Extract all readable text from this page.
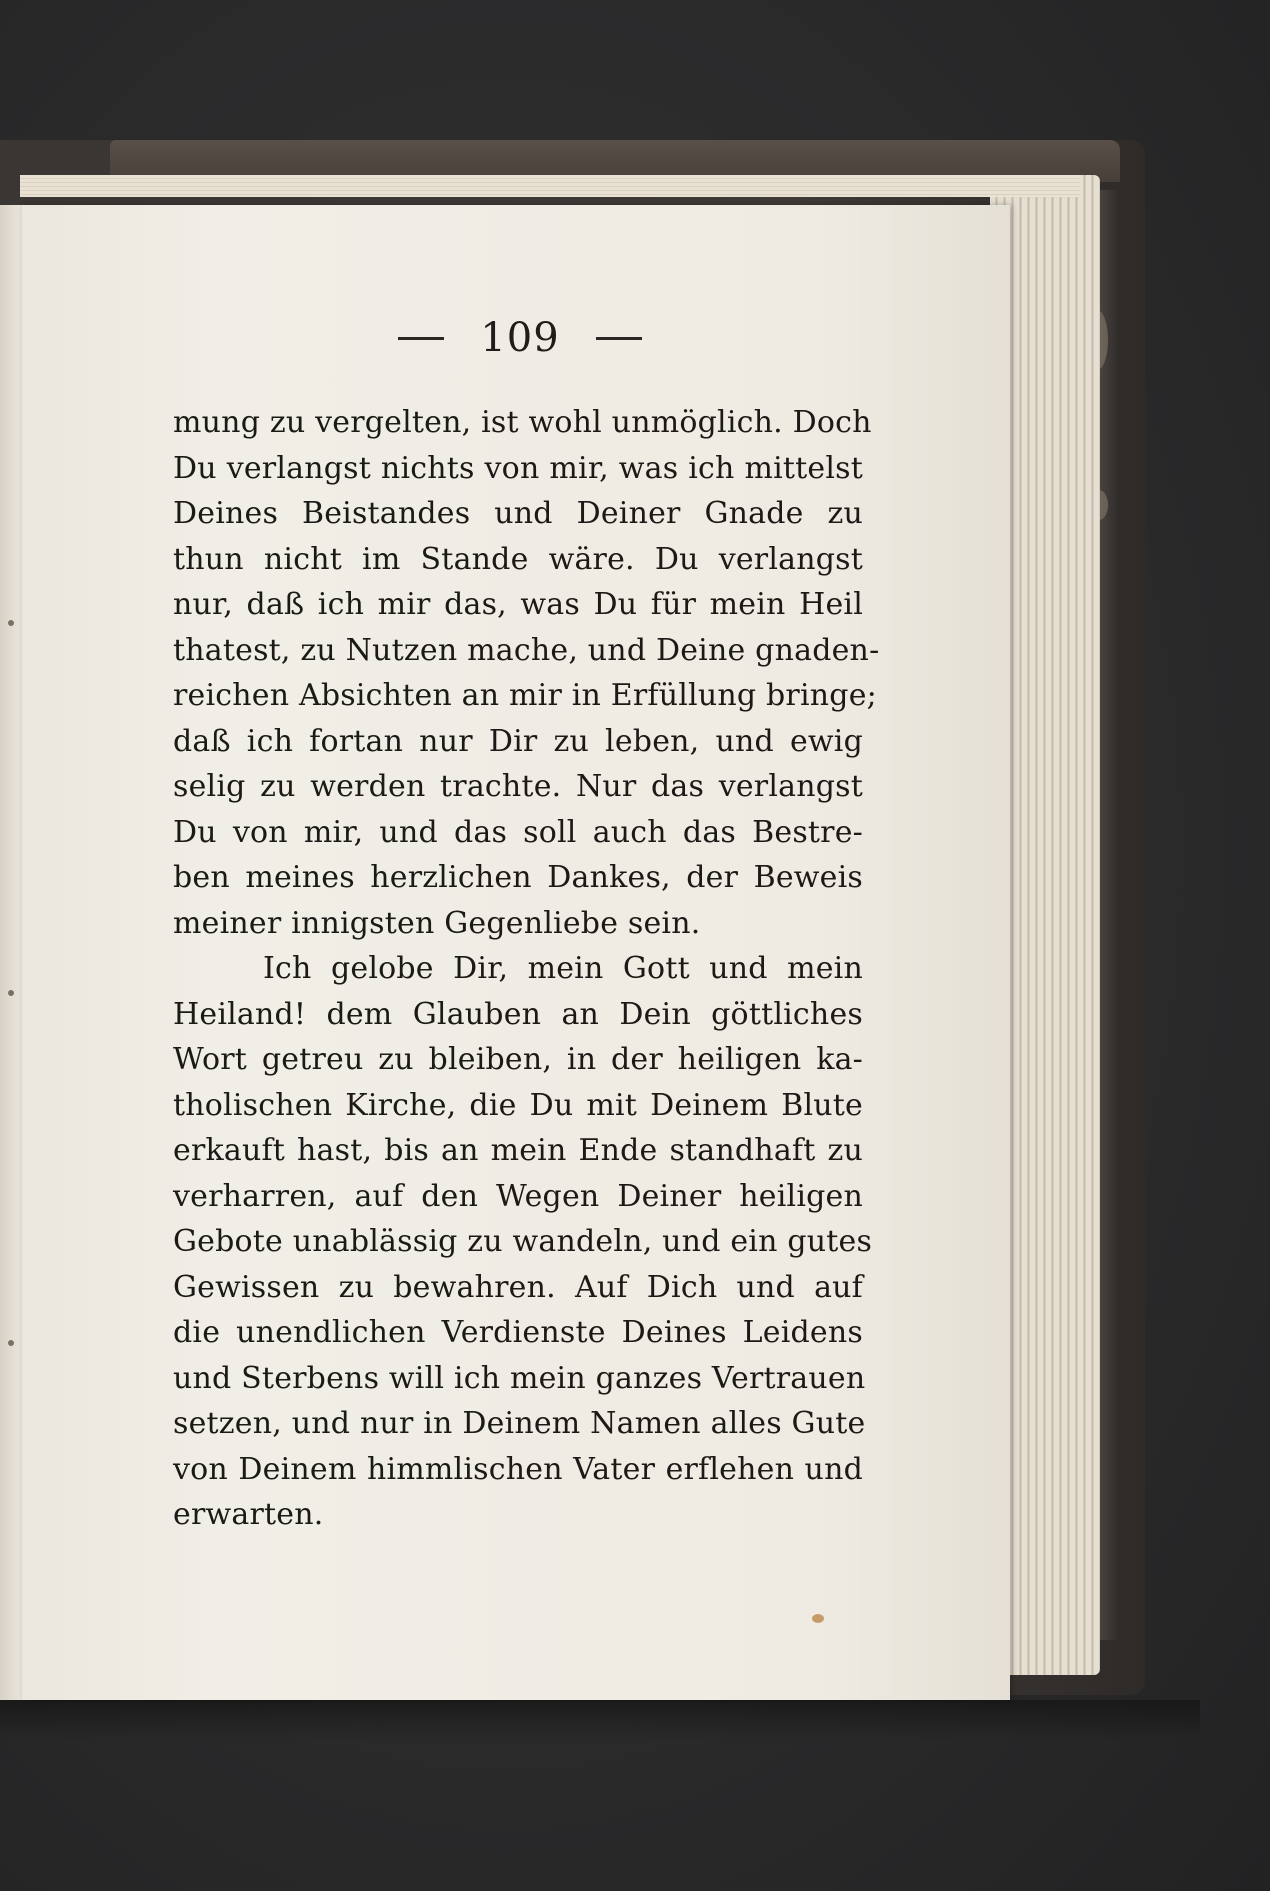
109
mung zu vergelten, ist wohl unmöglich. Doch
Du verlangst nichts von mir, was ich mittelst
Deines Beistandes und Deiner Gnade zu
thun nicht im Stande wäre. Du verlangst
nur, daß ich mir das, was Du für mein Heil
thatest, zu Nutzen mache, und Deine gnaden-
reichen Absichten an mir in Erfüllung bringe;
daß ich fortan nur Dir zu leben, und ewig
selig zu werden trachte. Nur das verlangst
Du von mir, und das soll auch das Bestre-
ben meines herzlichen Dankes, der Beweis
meiner innigsten Gegenliebe sein.
Ich gelobe Dir, mein Gott und mein
Heiland! dem Glauben an Dein göttliches
Wort getreu zu bleiben, in der heiligen ka-
tholischen Kirche, die Du mit Deinem Blute
erkauft hast, bis an mein Ende standhaft zu
verharren, auf den Wegen Deiner heiligen
Gebote unablässig zu wandeln, und ein gutes
Gewissen zu bewahren. Auf Dich und auf
die unendlichen Verdienste Deines Leidens
und Sterbens will ich mein ganzes Vertrauen
setzen, und nur in Deinem Namen alles Gute
von Deinem himmlischen Vater erflehen und
erwarten.
